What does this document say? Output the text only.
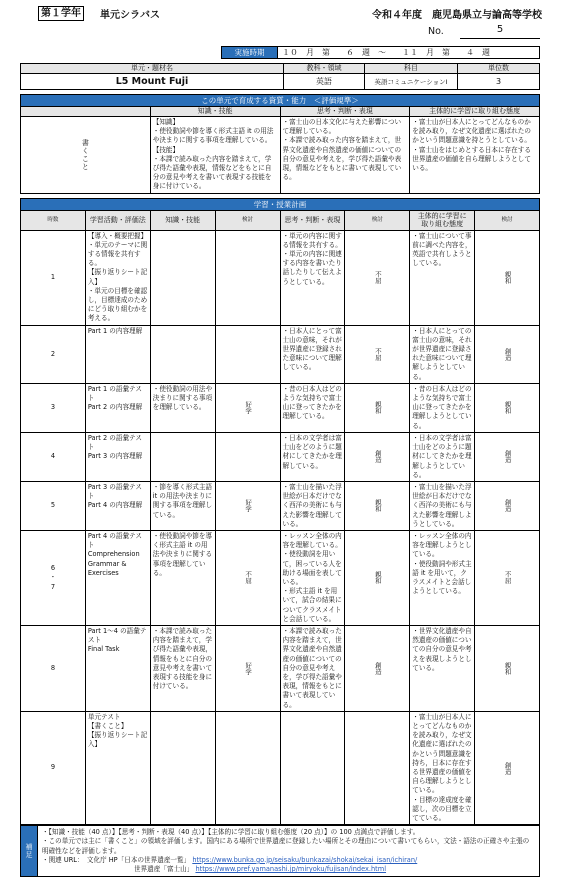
第１学年	単元シラバス	令和４年度　鹿児島県立与論高等学校
No.	5
実施時期	１０　月　第　　６　週　～　　１１　月　第　　４　週
単元・題材名	教科・領域	科目	単位数
L5 Mount Fuji	英語	英語コミュニケーションⅠ	3
この単元で育成する資質・能力　＜評価規準＞			
	知識・技能	思考・判断・表現	主体的に学習に取り組む態度
書くこと	【知識】
・使役動詞や節を導く形式主語 it の用法や決まりに関する事項を理解している。
【技能】
・本課で読み取った内容を踏まえて，学び得た語彙や表現，情報などをもとに自分の意見や考えを書いて表現する技能を身に付けている。	・富士山の日本文化に与えた影響について理解している。
・本課で読み取った内容を踏まえて，世界文化遺産や自然遺産の価値についての自分の意見や考えを，学び得た語彙や表現，情報などをもとに書いて表現している。	・富士山が日本人にとってどんなものかを読み取り，なぜ文化遺産に選ばれたのかという問題意識を持とうとしている。
・富士山をはじめとする日本に存在する世界遺産の価値を自ら理解しようとしている。
学習・授業計画							
時数	学習活動・評価法	知識・技能	検討	思考・判断・表現	検討	主体的に学習に
取り組む態度	検討
1	【導入・概要把握】
・単元のテーマに関する情報を共有する。
【振り返りシート記入】
・単元の目標を確認し，目標達成のためにどう取り組むかを考える。			・単元の内容に関する情報を共有する。
・単元の内容に関連する内容を書いたり話したりして伝えようとしている。	不屈	・富士山について事前に調べた内容を，英語で共有しようとしている。	親和
2	Part 1 の内容理解			・日本人にとって富士山の意味，それが世界遺産に登録された意味について理解している。	不屈	・日本人にとっての富士山の意味，それが世界遺産に登録された意味について理解しようとしている。	創造
3	Part 1 の語彙テスト
Part 2 の内容理解	・使役動詞の用法や決まりに関する事項を理解している。	好学	・昔の日本人はどのような気持ちで富士山に登ってきたかを理解している。	親和	・昔の日本人はどのような気持ちで富士山に登ってきたかを理解しようとしている。	親和
4	Part 2 の語彙テスト
Part 3 の内容理解			・日本の文学者は富士山をどのように題材にしてきたかを理解している。	創造	・日本の文学者は富士山をどのように題材にしてきたかを理解しようとしている。	創造
5	Part 3 の語彙テスト
Part 4 の内容理解	・節を導く形式主語 it の用法や決まりに関する事項を理解している。	好学	・富士山を描いた浮世絵が日本だけでなく西洋の美術にも与えた影響を理解している。	親和	・富士山を描いた浮世絵が日本だけでなく西洋の美術にも与えた影響を理解しようとしている。	創造
6
・
7	Part 4 の語彙テスト
Comprehension
Grammar & Exercises	・使役動詞や節を導く形式主語 it の用法や決まりに関する事項を理解している。	不屈	・レッスン全体の内容を理解している。
・使役動詞を用いて，困っている人を助ける場面を表している。
・形式主語 it を用いて，試合の結果についてクラスメイトと会話している。	親和	・レッスン全体の内容を理解しようとしている。
・使役動詞や形式主語 it を用いて，クラスメイトと会話しようとしている。	不屈
8	Part 1～4 の語彙テスト
Final Task	・本課で読み取った内容を踏まえて，学び得た語彙や表現，情報をもとに自分の意見や考えを書いて表現する技能を身に付けている。	好学	・本課で読み取った内容を踏まえて，世界文化遺産や自然遺産の価値についての自分の意見や考えを，学び得た語彙や表現，情報をもとに書いて表現している。	創造	・世界文化遺産や自然遺産の価値についての自分の意見や考えを表現しようとしている。	親和
9	単元テスト
【書くこと】
【振り返りシート記入】					・富士山が日本人にとってどんなものかを読み取り，なぜ文化遺産に選ばれたのかという問題意識を持ち，日本に存在する世界遺産の価値を自ら理解しようとしている。
・目標の達成度を確認し，次の目標を立てている。	創造
補足	
・【知識・技能（40 点）】【思考・判断・表現（40 点）】【主体的に学習に取り組む態度（20 点）】の 100 点満点で評価します。
・この単元では主に「書くこと」の領域を評価します。国内にある場所で世界遺産に登録したい場所とその理由について書いてもらい，文法・語法の正確さや主張の明確性などを評価します。
・関連 URL：　文化庁 HP「日本の世界遺産一覧」 https://www.bunka.go.jp/seisaku/bunkazai/shokai/sekai_isan/ichiran/
世界遺産「富士山」 https://www.pref.yamanashi.jp/miryoku/fujisan/index.html
